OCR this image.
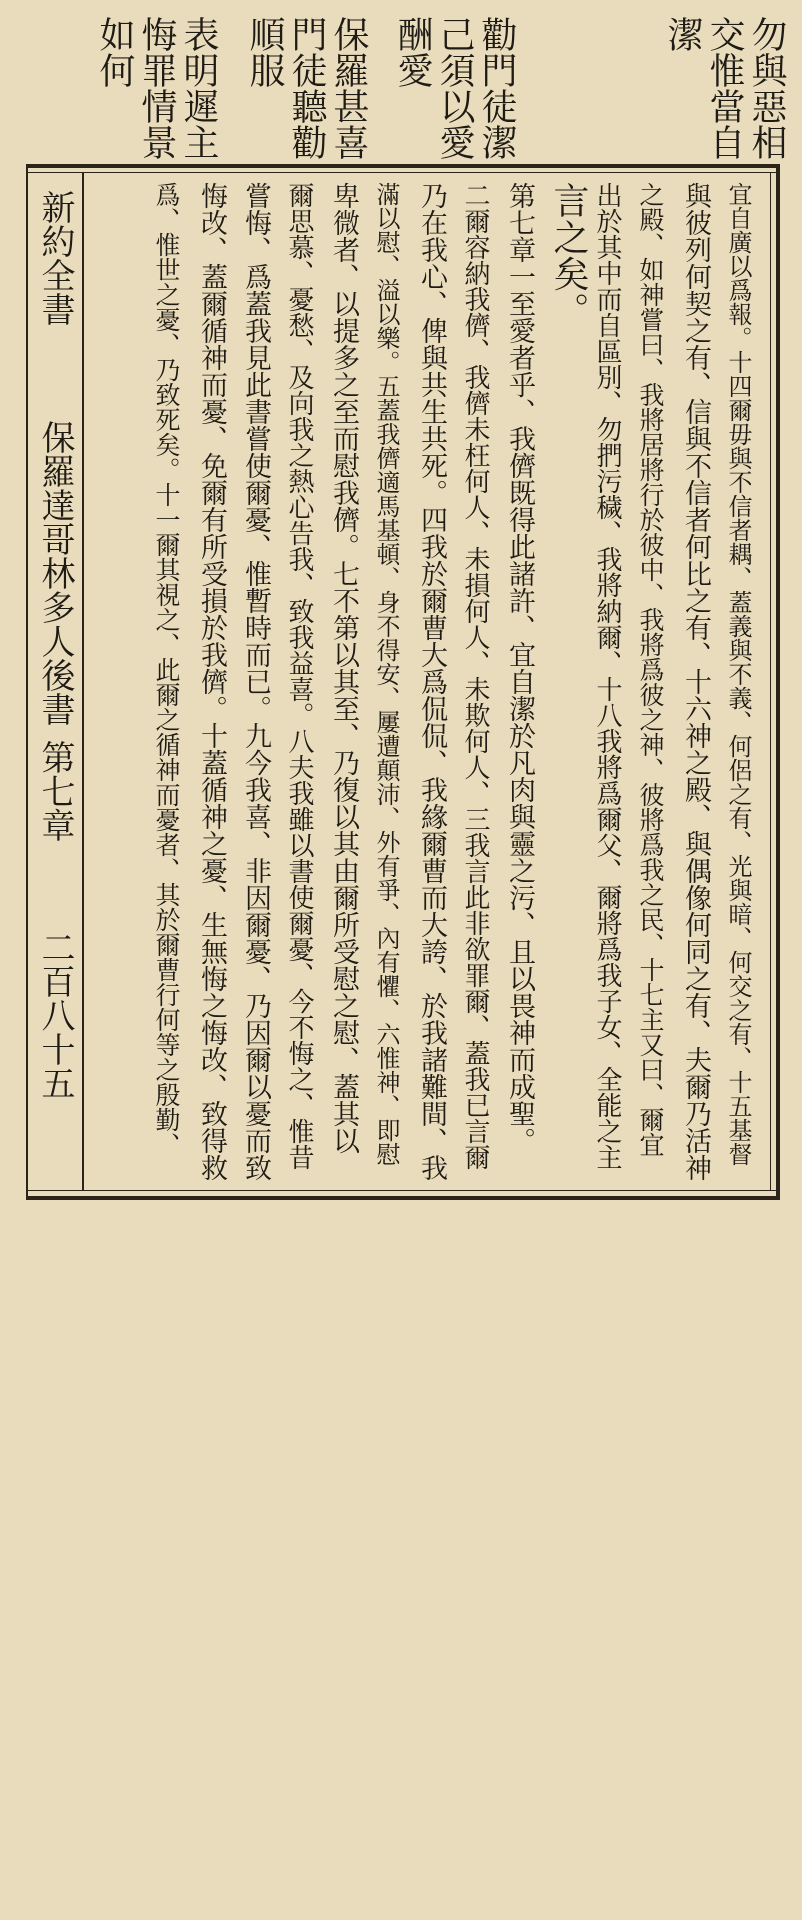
勿與惡相
交惟當自
潔
勸門徒潔
己須以愛
酬愛
保羅甚喜
門徒聽勸
順服
表明遲主
悔罪情景
如何
宜自廣以爲報。十四爾毋與不信者耦、蓋義與不義、何侶之有、光與暗、何交之有、十五基督
與彼列何契之有、信與不信者何比之有、十六神之殿、與偶像何同之有、夫爾乃活神
之殿、如神嘗曰、我將居將行於彼中、我將爲彼之神、彼將爲我之民、十七主又曰、爾宜
出於其中而自區別、勿捫污穢、我將納爾、十八我將爲爾父、爾將爲我子女、全能之主
言之矣。
第七章一至愛者乎、我儕既得此諸許、宜自潔於凡肉與靈之污、且以畏神而成聖。
二爾容納我儕、我儕未枉何人、未損何人、未欺何人、三我言此非欲罪爾、蓋我已言爾
乃在我心、俾與共生共死。四我於爾曹大爲侃侃、我緣爾曹而大誇、於我諸難間、我
滿以慰、溢以樂。五蓋我儕適馬基頓、身不得安、屢遭顛沛、外有爭、內有懼、六惟神、即慰
卑微者、以提多之至而慰我儕。七不第以其至、乃復以其由爾所受慰之慰、蓋其以
爾思慕、憂愁、及向我之熱心告我、致我益喜。八夫我雖以書使爾憂、今不悔之、惟昔
嘗悔、爲蓋我見此書嘗使爾憂、惟暫時而已。九今我喜、非因爾憂、乃因爾以憂而致
悔改、蓋爾循神而憂、免爾有所受損於我儕。十蓋循神之憂、生無悔之悔改、致得救
爲、惟世之憂、乃致死矣。十一爾其視之、此爾之循神而憂者、其於爾曹行何等之殷勤、
新約全書
保羅達哥林多人後書
第七章
二百八十五
